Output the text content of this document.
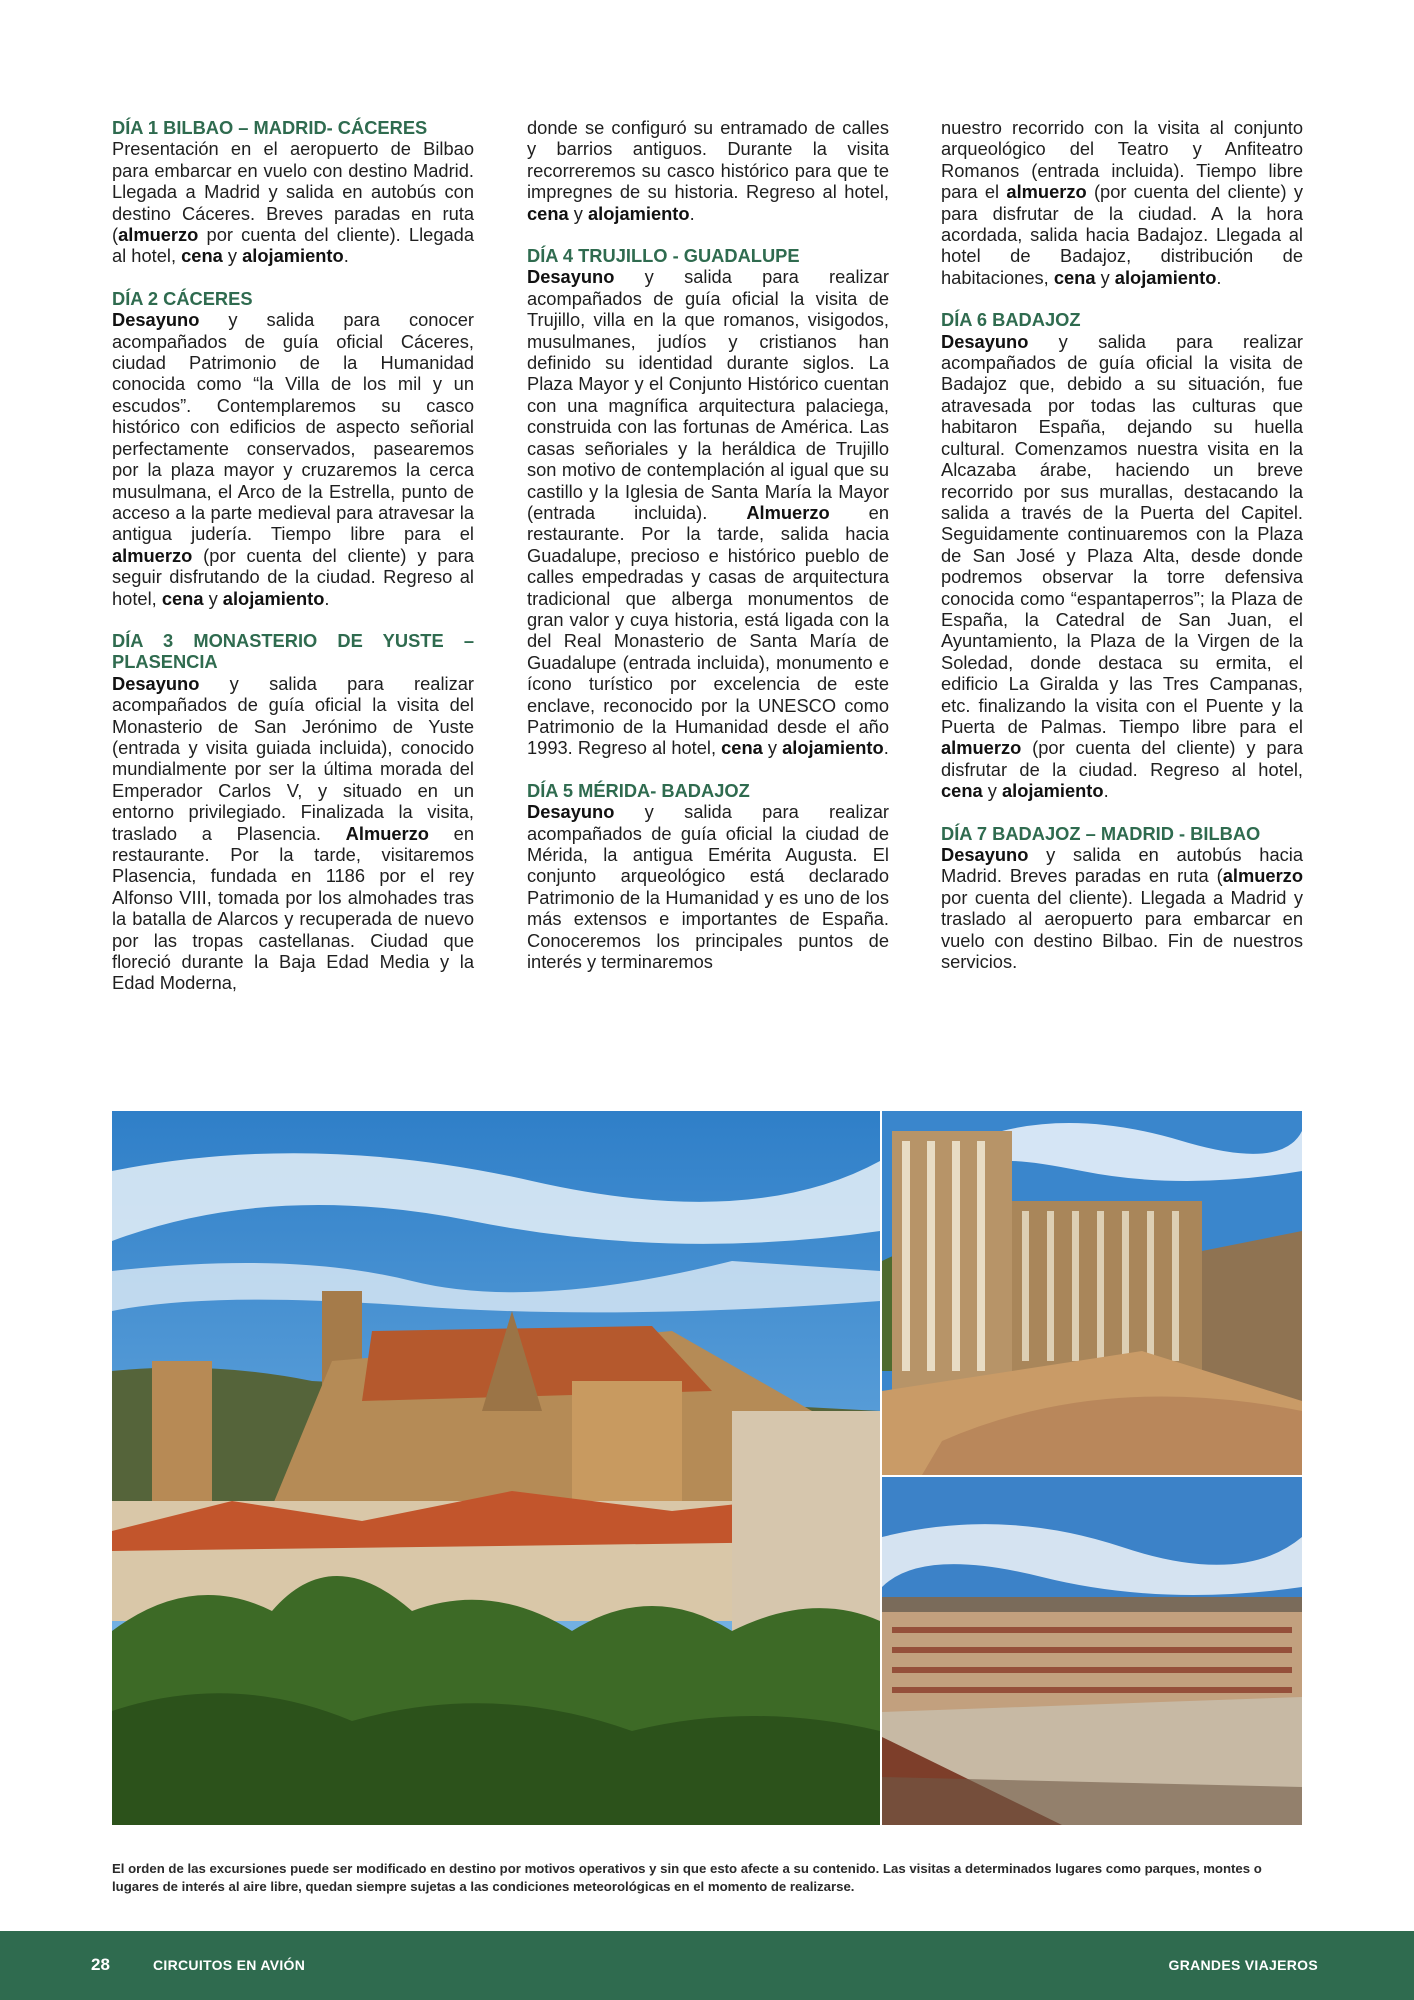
DÍA 1 BILBAO – MADRID- CÁCERES

Presentación en el aeropuerto de Bilbao para embarcar en vuelo con destino Madrid. Llegada a Madrid y salida en autobús con destino Cáceres. Breves paradas en ruta (almuerzo por cuenta del cliente). Llegada al hotel, cena y alojamiento.

DÍA 2 CÁCERES

Desayuno y salida para conocer acompañados de guía oficial Cáceres, ciudad Patrimonio de la Humanidad conocida como “la Villa de los mil y un escudos”. Contemplaremos su casco histórico con edificios de aspecto señorial perfectamente conservados, pasearemos por la plaza mayor y cruzaremos la cerca musulmana, el Arco de la Estrella, punto de acceso a la parte medieval para atravesar la antigua judería. Tiempo libre para el almuerzo (por cuenta del cliente) y para seguir disfrutando de la ciudad. Regreso al hotel, cena y alojamiento.

DÍA 3 MONASTERIO DE YUSTE – PLASENCIA

Desayuno y salida para realizar acompañados de guía oficial la visita del Monasterio de San Jerónimo de Yuste (entrada y visita guiada incluida), conocido mundialmente por ser la última morada del Emperador Carlos V, y situado en un entorno privilegiado. Finalizada la visita, traslado a Plasencia. Almuerzo en restaurante. Por la tarde, visitaremos Plasencia, fundada en 1186 por el rey Alfonso VIII, tomada por los almohades tras la batalla de Alarcos y recuperada de nuevo por las tropas castellanas. Ciudad que floreció durante la Baja Edad Media y la Edad Moderna,

donde se configuró su entramado de calles y barrios antiguos. Durante la visita recorreremos su casco histórico para que te impregnes de su historia. Regreso al hotel, cena y alojamiento.

DÍA 4 TRUJILLO - GUADALUPE

Desayuno y salida para realizar acompañados de guía oficial la visita de Trujillo, villa en la que romanos, visigodos, musulmanes, judíos y cristianos han definido su identidad durante siglos. La Plaza Mayor y el Conjunto Histórico cuentan con una magnífica arquitectura palaciega, construida con las fortunas de América. Las casas señoriales y la heráldica de Trujillo son motivo de contemplación al igual que su castillo y la Iglesia de Santa María la Mayor (entrada incluida). Almuerzo en restaurante. Por la tarde, salida hacia Guadalupe, precioso e histórico pueblo de calles empedradas y casas de arquitectura tradicional que alberga monumentos de gran valor y cuya historia, está ligada con la del Real Monasterio de Santa María de Guadalupe (entrada incluida), monumento e ícono turístico por excelencia de este enclave, reconocido por la UNESCO como Patrimonio de la Humanidad desde el año 1993. Regreso al hotel, cena y alojamiento.

DÍA 5 MÉRIDA- BADAJOZ

Desayuno y salida para realizar acompañados de guía oficial la ciudad de Mérida, la antigua Emérita Augusta. El conjunto arqueológico está declarado Patrimonio de la Humanidad y es uno de los más extensos e importantes de España. Conoceremos los principales puntos de interés y terminaremos

nuestro recorrido con la visita al conjunto arqueológico del Teatro y Anfiteatro Romanos (entrada incluida). Tiempo libre para el almuerzo (por cuenta del cliente) y para disfrutar de la ciudad. A la hora acordada, salida hacia Badajoz. Llegada al hotel de Badajoz, distribución de habitaciones, cena y alojamiento.

DÍA 6 BADAJOZ

Desayuno y salida para realizar acompañados de guía oficial la visita de Badajoz que, debido a su situación, fue atravesada por todas las culturas que habitaron España, dejando su huella cultural. Comenzamos nuestra visita en la Alcazaba árabe, haciendo un breve recorrido por sus murallas, destacando la salida a través de la Puerta del Capitel. Seguidamente continuaremos con la Plaza de San José y Plaza Alta, desde donde podremos observar la torre defensiva conocida como “espantaperros”; la Plaza de España, la Catedral de San Juan, el Ayuntamiento, la Plaza de la Virgen de la Soledad, donde destaca su ermita, el edificio La Giralda y las Tres Campanas, etc. finalizando la visita con el Puente y la Puerta de Palmas. Tiempo libre para el almuerzo (por cuenta del cliente) y para disfrutar de la ciudad. Regreso al hotel, cena y alojamiento.

DÍA 7 BADAJOZ – MADRID - BILBAO

Desayuno y salida en autobús hacia Madrid. Breves paradas en ruta (almuerzo por cuenta del cliente). Llegada a Madrid y traslado al aeropuerto para embarcar en vuelo con destino Bilbao. Fin de nuestros servicios.

El orden de las excursiones puede ser modificado en destino por motivos operativos y sin que esto afecte a su contenido. Las visitas a determinados lugares como parques, montes o lugares de interés al aire libre, quedan siempre sujetas a las condiciones meteorológicas en el momento de realizarse.
28	CIRCUITOS EN AVIÓN	GRANDES VIAJEROS
